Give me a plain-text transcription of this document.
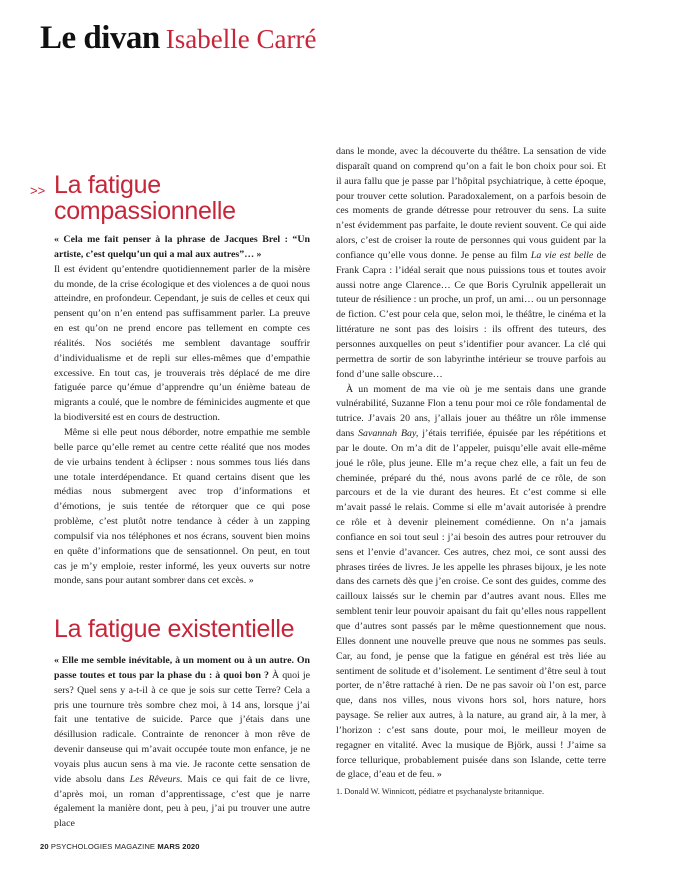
Le divan Isabelle Carré
>> La fatigue
compassionnelle

« Cela me fait penser à la phrase de Jacques Brel : “Un artiste, c’est quelqu’un qui a mal aux autres”… »

Il est évident qu’entendre quotidiennement parler de la misère du monde, de la crise écologique et des violences a de quoi nous atteindre, en profondeur. Cependant, je suis de celles et ceux qui pensent qu’on n’en entend pas suffisamment parler. La preuve en est qu’on ne prend encore pas tellement en compte ces réalités. Nos sociétés me semblent davantage souffrir d’individualisme et de repli sur elles-mêmes que d’empathie excessive. En tout cas, je trouverais très déplacé de me dire fatiguée parce qu’émue d’apprendre qu’un énième bateau de migrants a coulé, que le nombre de féminicides augmente et que la biodiversité est en cours de destruction.

Même si elle peut nous déborder, notre empathie me semble belle parce qu’elle remet au centre cette réalité que nos modes de vie urbains tendent à éclipser : nous sommes tous liés dans une totale interdépendance. Et quand certains disent que les médias nous submergent avec trop d’informations et d’émotions, je suis tentée de rétorquer que ce qui pose problème, c’est plutôt notre tendance à céder à un zapping compulsif via nos téléphones et nos écrans, souvent bien moins en quête d’informations que de sensationnel. On peut, en tout cas je m’y emploie, rester informé, les yeux ouverts sur notre monde, sans pour autant sombrer dans cet excès. »

La fatigue existentielle

« Elle me semble inévitable, à un moment ou à un autre. On passe toutes et tous par la phase du : à quoi bon ? À quoi je sers? Quel sens y a-t-il à ce que je sois sur cette Terre? Cela a pris une tournure très sombre chez moi, à 14 ans, lorsque j’ai fait une tentative de suicide. Parce que j’étais dans une désillusion radicale. Contrainte de renoncer à mon rêve de devenir danseuse qui m’avait occupée toute mon enfance, je ne voyais plus aucun sens à ma vie. Je raconte cette sensation de vide absolu dans Les Rêveurs. Mais ce qui fait de ce livre, d’après moi, un roman d’apprentissage, c’est que je narre également la manière dont, peu à peu, j’ai pu trouver une autre place

dans le monde, avec la découverte du théâtre. La sensation de vide disparaît quand on comprend qu’on a fait le bon choix pour soi. Et il aura fallu que je passe par l’hôpital psychiatrique, à cette époque, pour trouver cette solution. Paradoxalement, on a parfois besoin de ces moments de grande détresse pour retrouver du sens. La suite n’est évidemment pas parfaite, le doute revient souvent. Ce qui aide alors, c’est de croiser la route de personnes qui vous guident par la confiance qu’elle vous donne. Je pense au film La vie est belle de Frank Capra : l’idéal serait que nous puissions tous et toutes avoir aussi notre ange Clarence… Ce que Boris Cyrulnik appellerait un tuteur de résilience : un proche, un prof, un ami… ou un personnage de fiction. C’est pour cela que, selon moi, le théâtre, le cinéma et la littérature ne sont pas des loisirs : ils offrent des tuteurs, des personnes auxquelles on peut s’identifier pour avancer. La clé qui permettra de sortir de son labyrinthe intérieur se trouve parfois au fond d’une salle obscure…

À un moment de ma vie où je me sentais dans une grande vulnérabilité, Suzanne Flon a tenu pour moi ce rôle fondamental de tutrice. J’avais 20 ans, j’allais jouer au théâtre un rôle immense dans Savannah Bay, j’étais terrifiée, épuisée par les répétitions et par le doute. On m’a dit de l’appeler, puisqu’elle avait elle-même joué le rôle, plus jeune. Elle m’a reçue chez elle, a fait un feu de cheminée, préparé du thé, nous avons parlé de ce rôle, de son parcours et de la vie durant des heures. Et c’est comme si elle m’avait passé le relais. Comme si elle m’avait autorisée à prendre ce rôle et à devenir pleinement comédienne. On n’a jamais confiance en soi tout seul : j’ai besoin des autres pour retrouver du sens et l’envie d’avancer. Ces autres, chez moi, ce sont aussi des phrases tirées de livres. Je les appelle les phrases bijoux, je les note dans des carnets dès que j’en croise. Ce sont des guides, comme des cailloux laissés sur le chemin par d’autres avant nous. Elles me semblent tenir leur pouvoir apaisant du fait qu’elles nous rappellent que d’autres sont passés par le même questionnement que nous. Elles donnent une nouvelle preuve que nous ne sommes pas seuls. Car, au fond, je pense que la fatigue en général est très liée au sentiment de solitude et d’isolement. Le sentiment d’être seul à tout porter, de n’être rattaché à rien. De ne pas savoir où l’on est, parce que, dans nos villes, nous vivons hors sol, hors nature, hors paysage. Se relier aux autres, à la nature, au grand air, à la mer, à l’horizon : c’est sans doute, pour moi, le meilleur moyen de regagner en vitalité. Avec la musique de Björk, aussi ! J’aime sa force tellurique, probablement puisée dans son Islande, cette terre de glace, d’eau et de feu. »

1. Donald W. Winnicott, pédiatre et psychanalyste britannique.

20 PSYCHOLOGIES MAGAZINE MARS 2020
